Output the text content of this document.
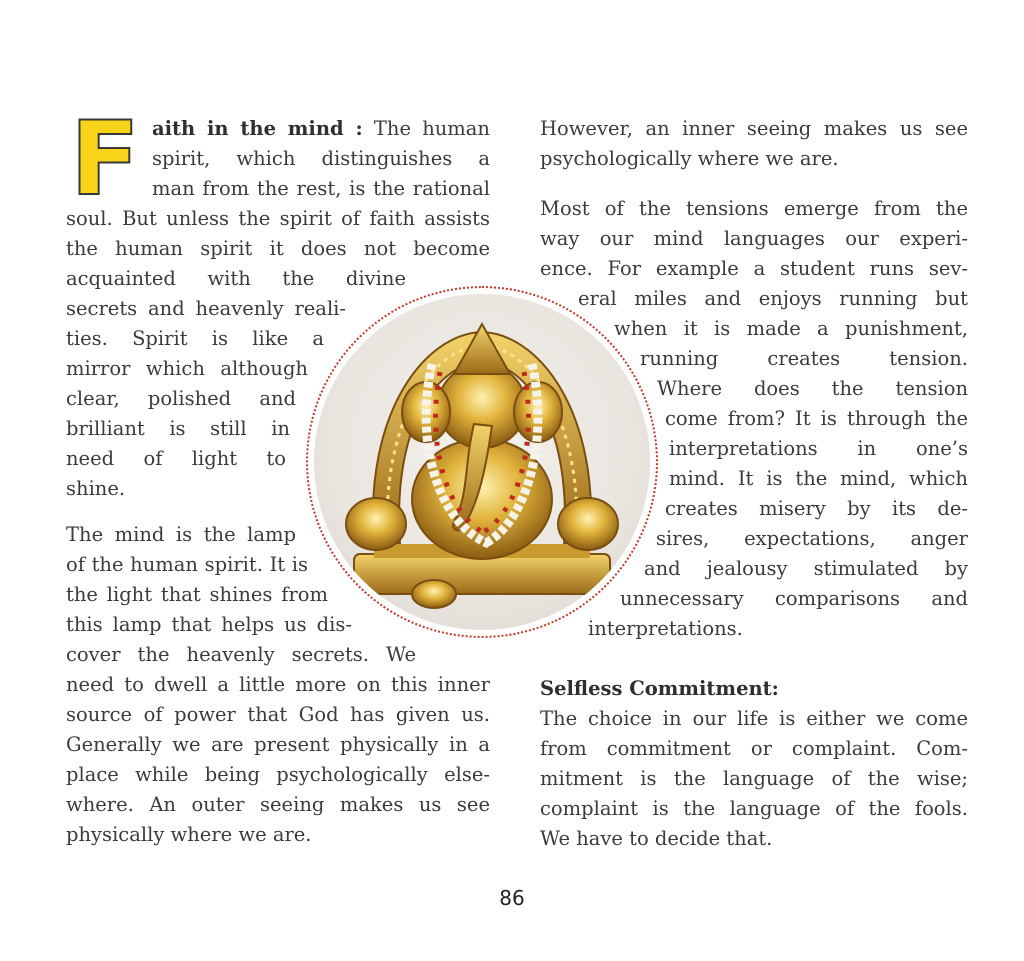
F aith in the mind : The human
spirit, which distinguishes a
man from the rest, is the rational
soul. But unless the spirit of faith assists
the human spirit it does not become
acquainted with the divine
secrets and heavenly reali-
ties. Spirit is like a
mirror which although
clear, polished and
brilliant is still in
need of light to
shine.
The mind is the lamp
of the human spirit. It is
the light that shines from
this lamp that helps us dis-
cover the heavenly secrets. We
need to dwell a little more on this inner
source of power that God has given us.
Generally we are present physically in a
place while being psychologically else-
where. An outer seeing makes us see
physically where we are.
However, an inner seeing makes us see
psychologically where we are.
Most of the tensions emerge from the
way our mind languages our experi-
ence. For example a student runs sev-
eral miles and enjoys running but
when it is made a punishment,
running creates tension.
Where does the tension
come from? It is through the
interpretations in one’s
mind. It is the mind, which
creates misery by its de-
sires, expectations, anger
and jealousy stimulated by
unnecessary comparisons and
interpretations.
Selfless Commitment:
The choice in our life is either we come
from commitment or complaint. Com-
mitment is the language of the wise;
complaint is the language of the fools.
We have to decide that.
86
